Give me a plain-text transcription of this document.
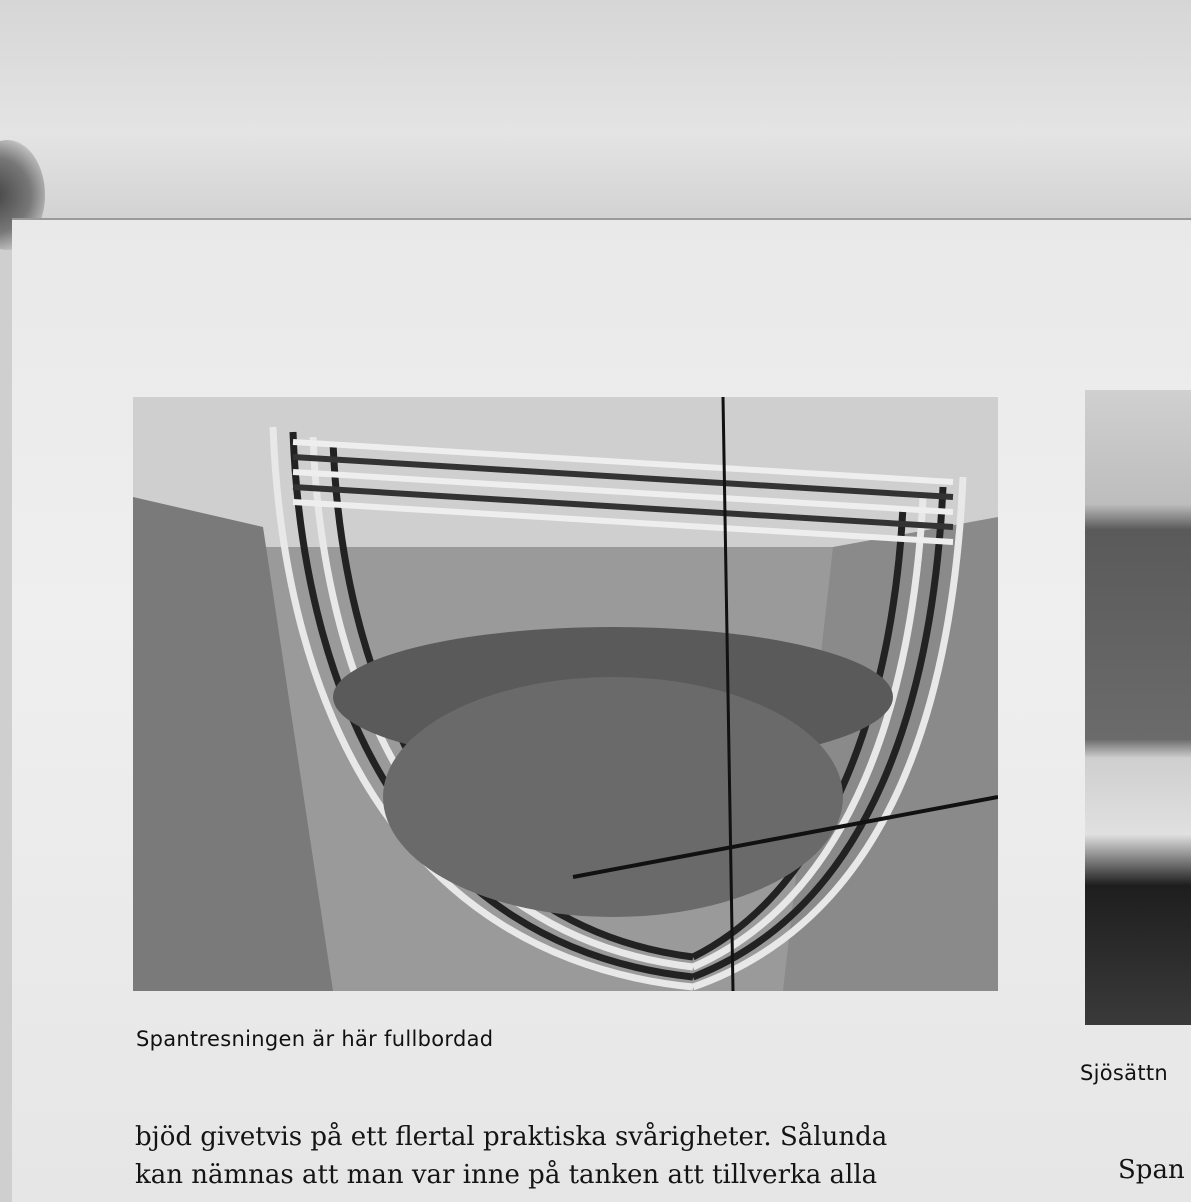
Spantresningen är här fullbordad
Sjösättn
bjöd givetvis på ett flertal praktiska svårigheter. Sålunda
kan nämnas att man var inne på tanken att tillverka alla	Span
